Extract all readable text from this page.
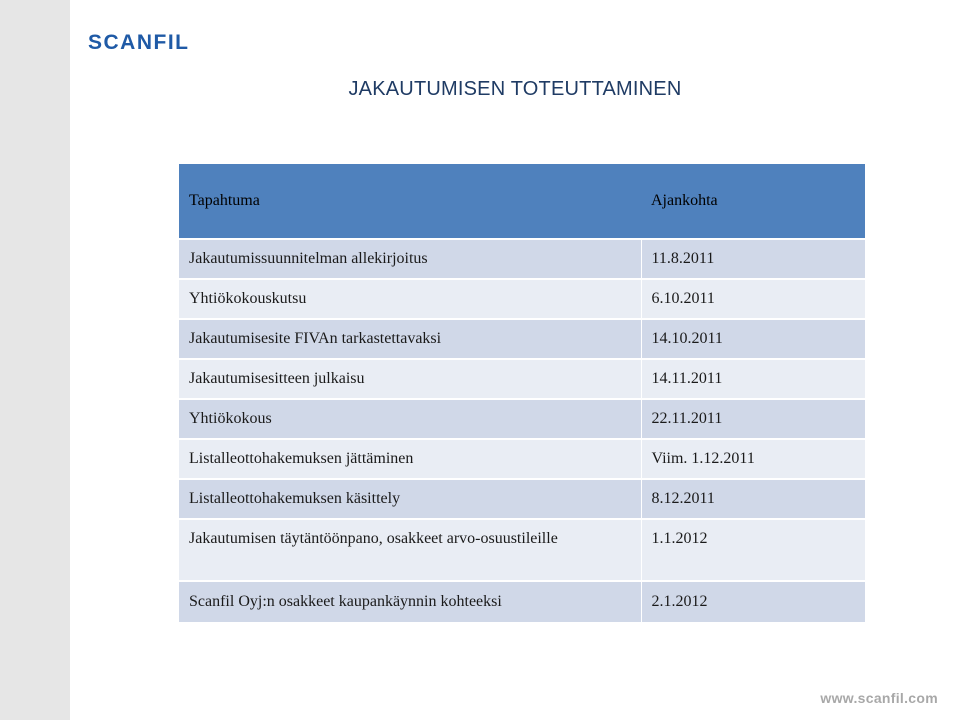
SCANFIL
JAKAUTUMISEN TOTEUTTAMINEN
Tapahtuma	Ajankohta
Jakautumissuunnitelman allekirjoitus	11.8.2011
Yhtiökokouskutsu	6.10.2011
Jakautumisesite FIVAn tarkastettavaksi	14.10.2011
Jakautumisesitteen julkaisu	14.11.2011
Yhtiökokous	22.11.2011
Listalleottohakemuksen jättäminen	Viim. 1.12.2011
Listalleottohakemuksen käsittely	8.12.2011
Jakautumisen täytäntöönpano, osakkeet arvo-osuustileille	1.1.2012
Scanfil Oyj:n osakkeet kaupankäynnin kohteeksi	2.1.2012
www.scanfil.com
